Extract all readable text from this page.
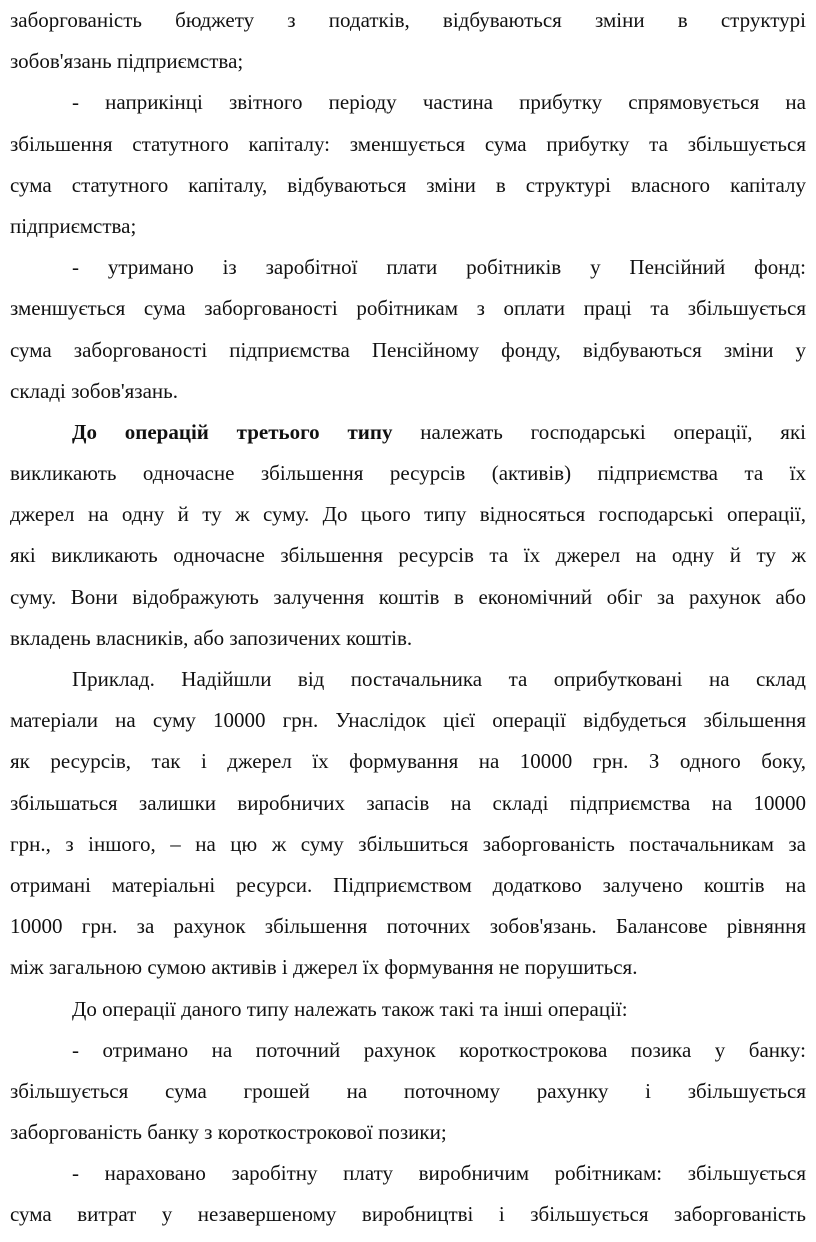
заборгованість бюджету з податків, відбуваються зміни в структурі
зобов'язань підприємства;
- наприкінці звітного періоду частина прибутку спрямовується на
збільшення статутного капіталу: зменшується сума прибутку та збільшується
сума статутного капіталу, відбуваються зміни в структурі власного капіталу
підприємства;
- утримано із заробітної плати робітників у Пенсійний фонд:
зменшується сума заборгованості робітникам з оплати праці та збільшується
сума заборгованості підприємства Пенсійному фонду, відбуваються зміни у
складі зобов'язань.
До операцій третього типу належать господарські операції, які
викликають одночасне збільшення ресурсів (активів) підприємства та їх
джерел на одну й ту ж суму. До цього типу відносяться господарські операції,
які викликають одночасне збільшення ресурсів та їх джерел на одну й ту ж
суму. Вони відображують залучення коштів в економічний обіг за рахунок або
вкладень власників, або запозичених коштів.
Приклад. Надійшли від постачальника та оприбутковані на склад
матеріали на суму 10000 грн. Унаслідок цієї операції відбудеться збільшення
як ресурсів, так і джерел їх формування на 10000 грн. З одного боку,
збільшаться залишки виробничих запасів на складі підприємства на 10000
грн., з іншого, – на цю ж суму збільшиться заборгованість постачальникам за
отримані матеріальні ресурси. Підприємством додатково залучено коштів на
10000 грн. за рахунок збільшення поточних зобов'язань. Балансове рівняння
між загальною сумою активів і джерел їх формування не порушиться.
До операції даного типу належать також такі та інші операції:
- отримано на поточний рахунок короткострокова позика у банку:
збільшується сума грошей на поточному рахунку і збільшується
заборгованість банку з короткострокової позики;
- нараховано заробітну плату виробничим робітникам: збільшується
сума витрат у незавершеному виробництві і збільшується заборгованість
